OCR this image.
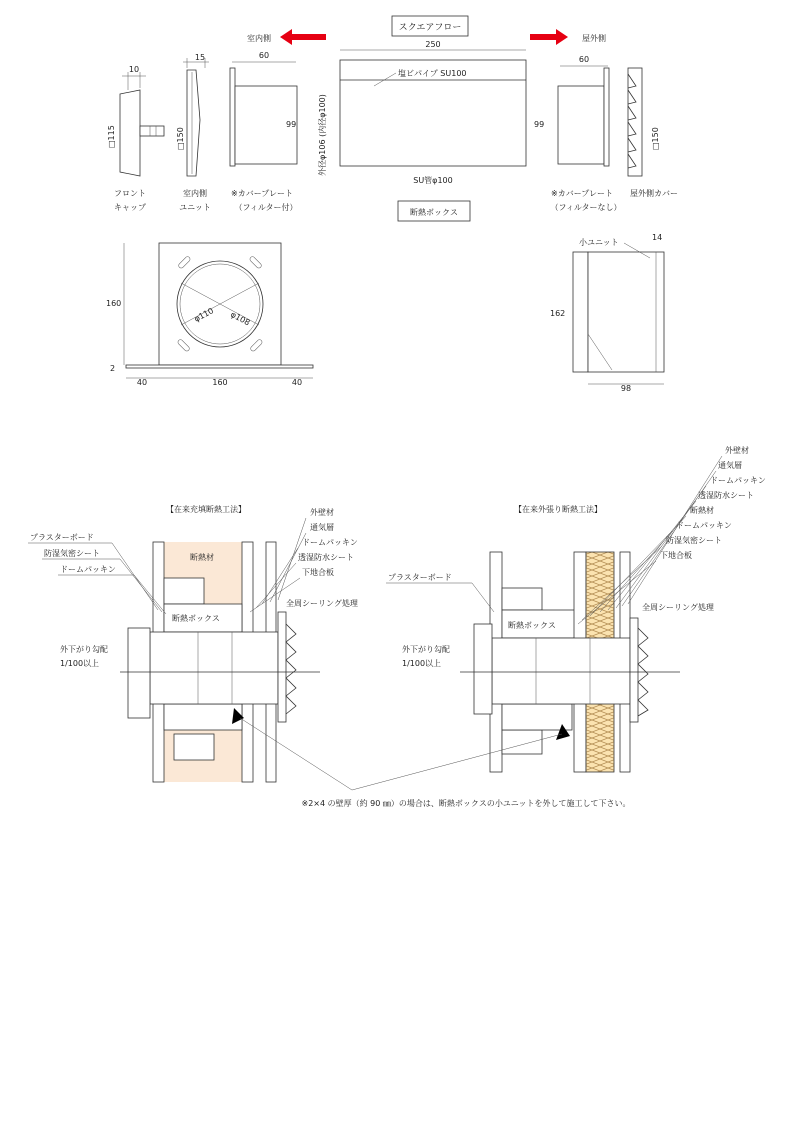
スクエアフロー
室内側	屋外側
10
□115
フロント
キャップ
15
□150
室内側
ユニット
60
99
※カバープレート
（フィルター付）
250
塩ビパイプ SU100
外径φ106 (内径φ100)
SU管φ100
断熱ボックス
60
99
※カバープレート
（フィルターなし）
□150
屋外側カバー
φ110 φ108
160
2
40	160	40
小ユニット
14
162
98
【在来充填断熱工法】
断熱材
断熱ボックス
プラスターボード
防湿気密シート
ドームパッキン
外壁材
通気層
ドームパッキン
透湿防水シート
下地合板
全周シーリング処理
外下がり勾配
1/100以上
【在来外張り断熱工法】
プラスターボード
断熱ボックス
外壁材
通気層
ドームパッキン
透湿防水シート
断熱材
ドームパッキン
防湿気密シート
下地合板
全周シーリング処理
外下がり勾配
1/100以上
※2×4 の壁厚（約 90 ㎜）の場合は、断熱ボックスの小ユニットを外して施工して下さい。
